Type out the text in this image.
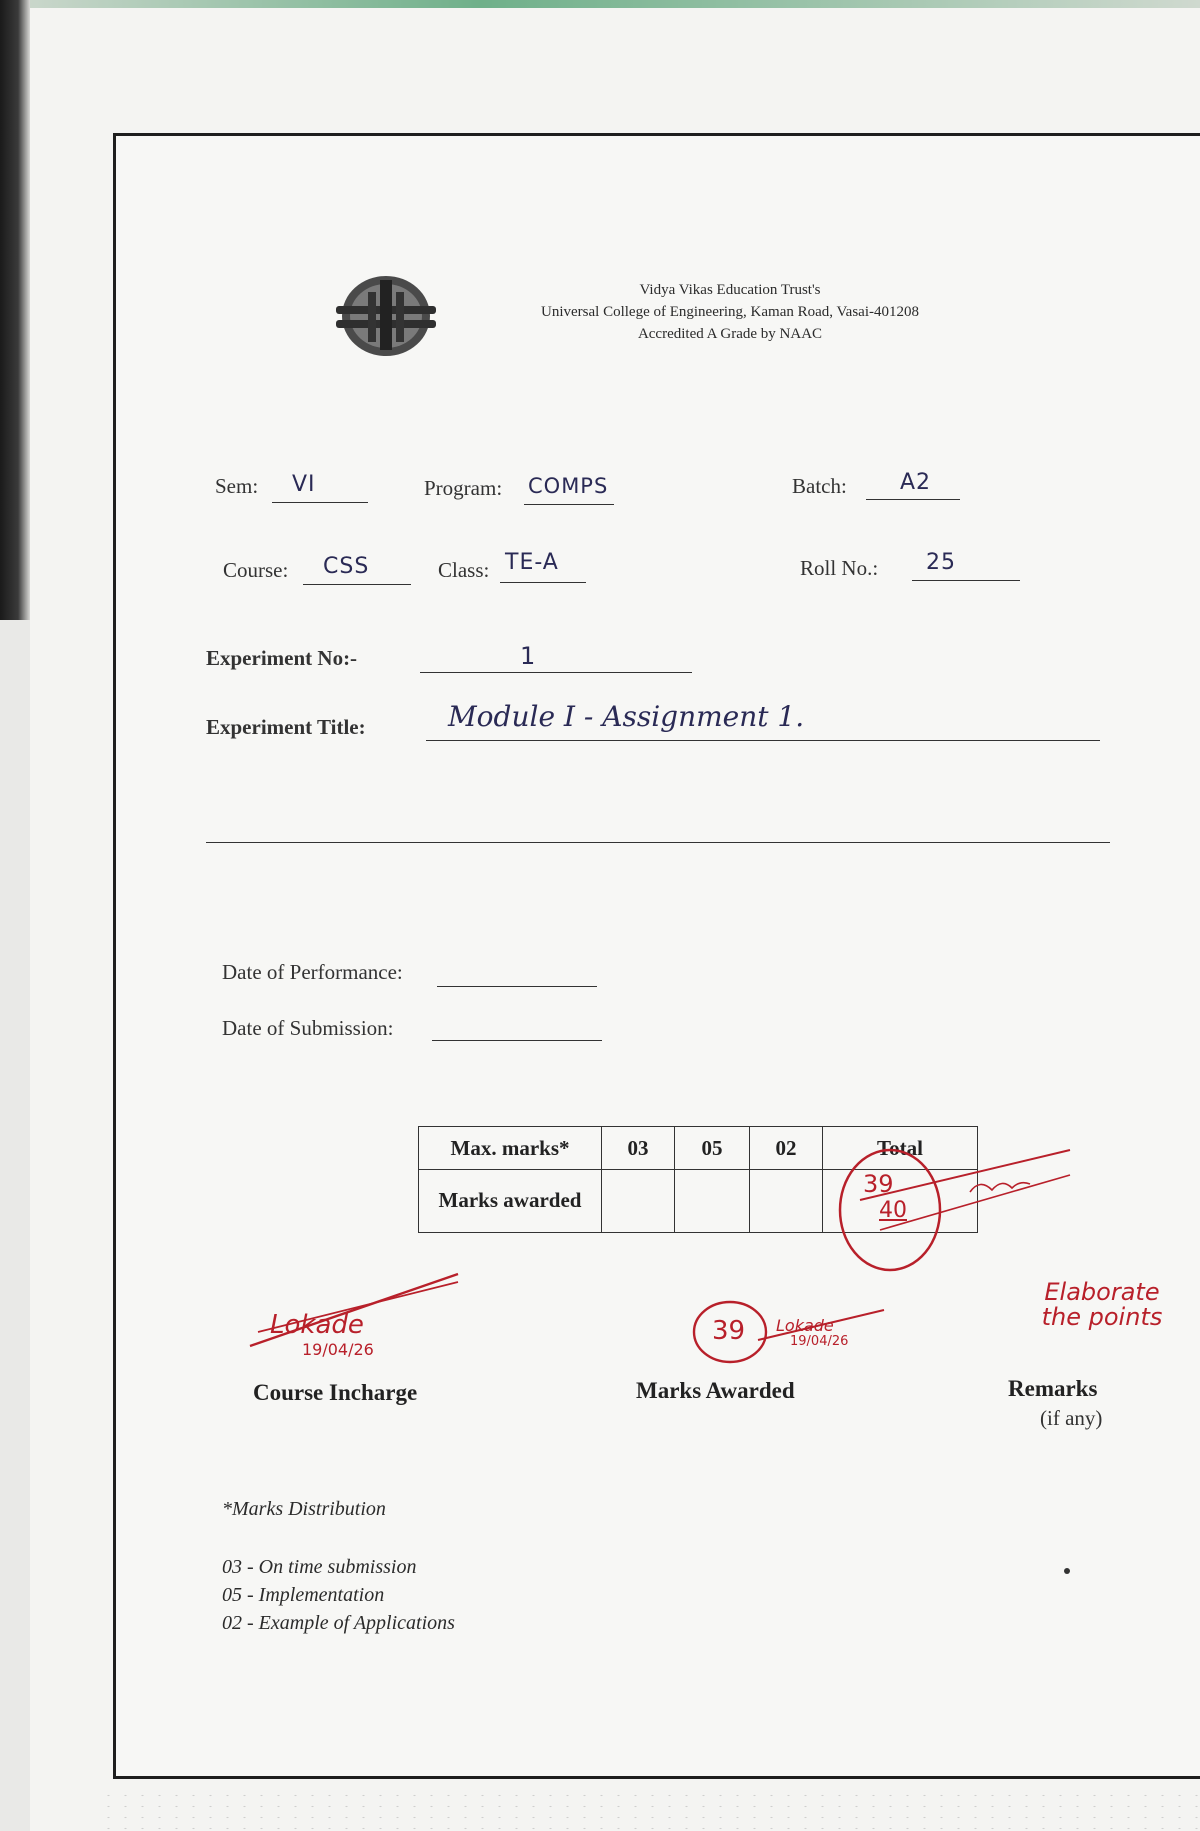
Vidya Vikas Education Trust's
Universal College of Engineering, Kaman Road, Vasai-401208
Accredited A Grade by NAAC
Sem: VI	Program: COMPS	Batch: A2
Course: CSS	Class: TE-A	Roll No.: 25
Experiment No:-	1
Experiment Title:	Module I - Assignment 1.
Date of Performance:
Date of Submission:
Max. marks*	03	05	02	Total
Marks awarded				39
40
Lokade
19/04/26
Course Incharge
39 Lokade
19/04/26
Marks Awarded
Elaborate the points
Remarks
(if any)
*Marks Distribution
03 - On time submission
05 - Implementation
02 - Example of Applications
